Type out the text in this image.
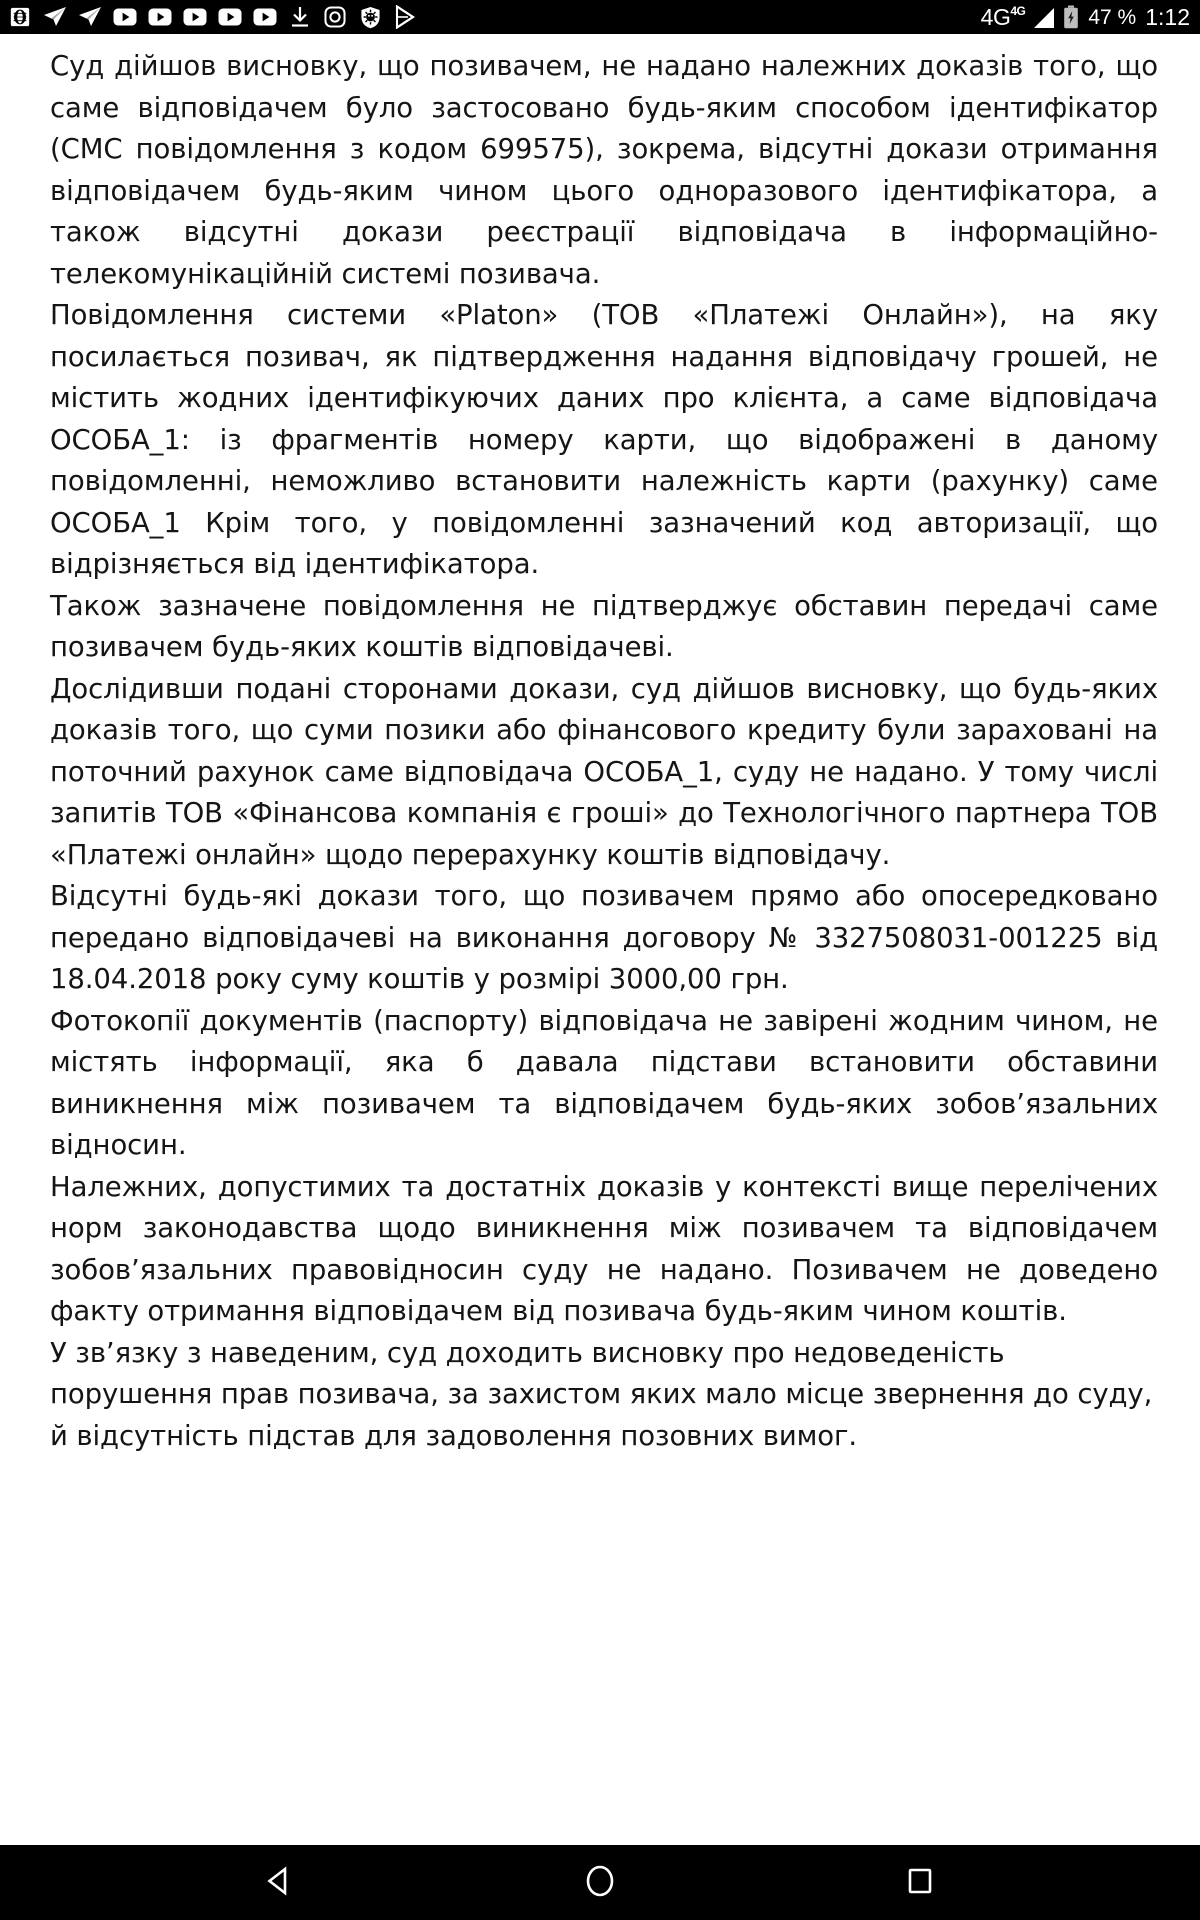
4G 4G	47 % 1:12

Суд дійшов висновку, що позивачем, не надано належних доказів того, що саме відповідачем було застосовано будь-яким способом ідентифікатор (СМС повідомлення з кодом 699575), зокрема, відсутні докази отримання відповідачем будь-яким чином цього одноразового ідентифікатора, а також відсутні докази реєстрації відповідача в інформаційно-телекомунікаційній системі позивача.

Повідомлення системи «Platon» (ТОВ «Платежі Онлайн»), на яку посилається позивач, як підтвердження надання відповідачу грошей, не містить жодних ідентифікуючих даних про клієнта, а саме відповідача ОСОБА_1: із фрагментів номеру карти, що відображені в даному повідомленні, неможливо встановити належність карти (рахунку) саме ОСОБА_1 Крім того, у повідомленні зазначений код авторизації, що відрізняється від ідентифікатора.

Також зазначене повідомлення не підтверджує обставин передачі саме позивачем будь-яких коштів відповідачеві.

Дослідивши подані сторонами докази, суд дійшов висновку, що будь-яких доказів того, що суми позики або фінансового кредиту були зараховані на поточний рахунок саме відповідача ОСОБА_1, суду не надано. У тому числі запитів ТОВ «Фінансова компанія є гроші» до Технологічного партнера ТОВ «Платежі онлайн» щодо перерахунку коштів відповідачу.

Відсутні будь-які докази того, що позивачем прямо або опосередковано передано відповідачеві на виконання договору № 3327508031-001225 від 18.04.2018 року суму коштів у розмірі 3000,00 грн.

Фотокопії документів (паспорту) відповідача не завірені жодним чином, не містять інформації, яка б давала підстави встановити обставини виникнення між позивачем та відповідачем будь-яких зобов’язальних відносин.

Належних, допустимих та достатніх доказів у контексті вище перелічених норм законодавства щодо виникнення між позивачем та відповідачем зобов’язальних правовідносин суду не надано. Позивачем не доведено факту отримання відповідачем від позивача будь-яким чином коштів.

У зв’язку з наведеним, суд доходить висновку про недоведеність порушення прав позивача, за захистом яких мало місце звернення до суду, й відсутність підстав для задоволення позовних вимог.
